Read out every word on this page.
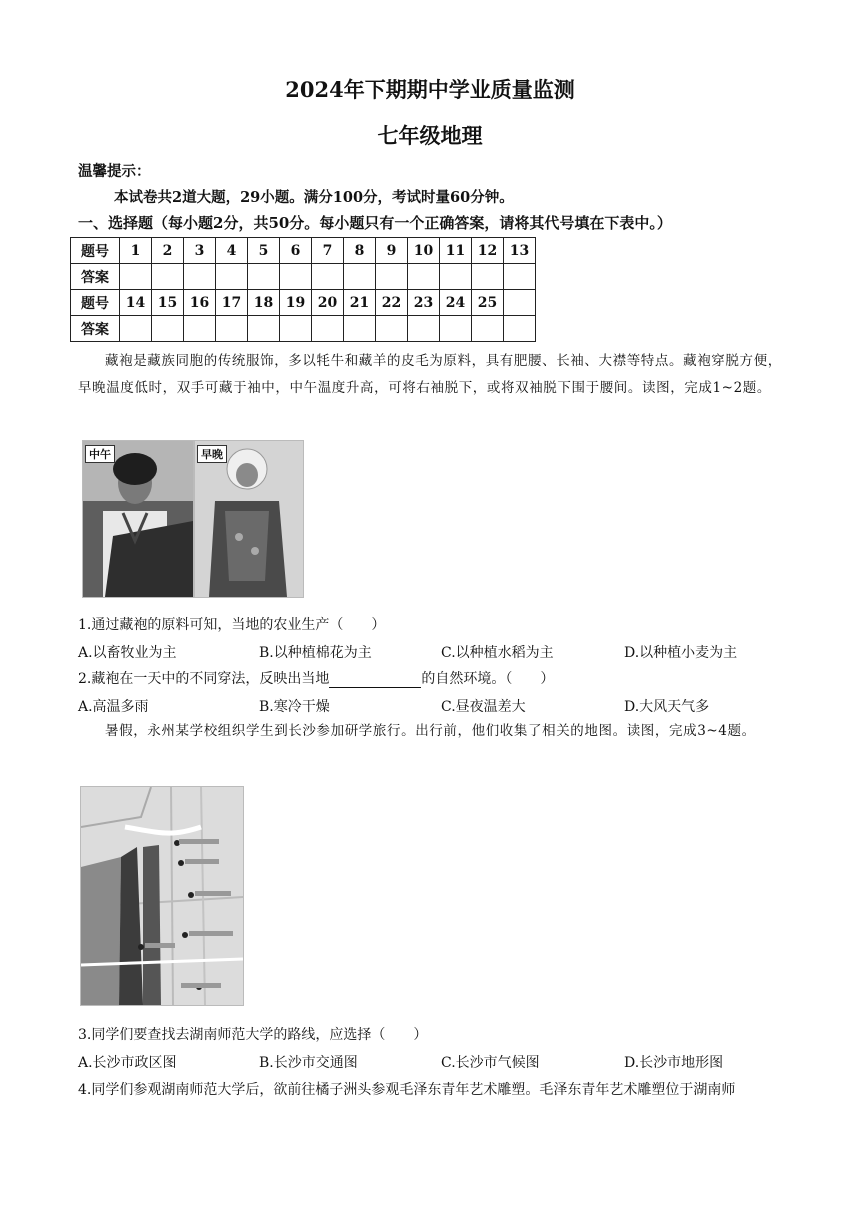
2024年下期期中学业质量监测
七年级地理
温馨提示：
本试卷共2道大题，29小题。满分100分，考试时量60分钟。
一、选择题（每小题2分，共50分。每小题只有一个正确答案，请将其代号填在下表中。）
题号	1	2	3	4	5	6	7	8	9	10	11	12	13
答案													
题号	14	15	16	17	18	19	20	21	22	23	24	25	
答案													
藏袍是藏族同胞的传统服饰，多以牦牛和藏羊的皮毛为原料，具有肥腰、长袖、大襟等特点。藏袍穿脱方便，早晚温度低时，双手可藏于袖中，中午温度升高，可将右袖脱下，或将双袖脱下围于腰间。读图，完成1~2题。
中午	早晚
1.通过藏袍的原料可知，当地的农业生产（　　）
A.以畜牧业为主	B.以种植棉花为主	C.以种植水稻为主	D.以种植小麦为主
2.藏袍在一天中的不同穿法，反映出当地	的自然环境。（　　）
A.高温多雨	B.寒冷干燥	C.昼夜温差大	D.大风天气多
暑假，永州某学校组织学生到长沙参加研学旅行。出行前，他们收集了相关的地图。读图，完成3~4题。
3.同学们要查找去湖南师范大学的路线，应选择（　　）
A.长沙市政区图	B.长沙市交通图	C.长沙市气候图	D.长沙市地形图
4.同学们参观湖南师范大学后，欲前往橘子洲头参观毛泽东青年艺术雕塑。毛泽东青年艺术雕塑位于湖南师
